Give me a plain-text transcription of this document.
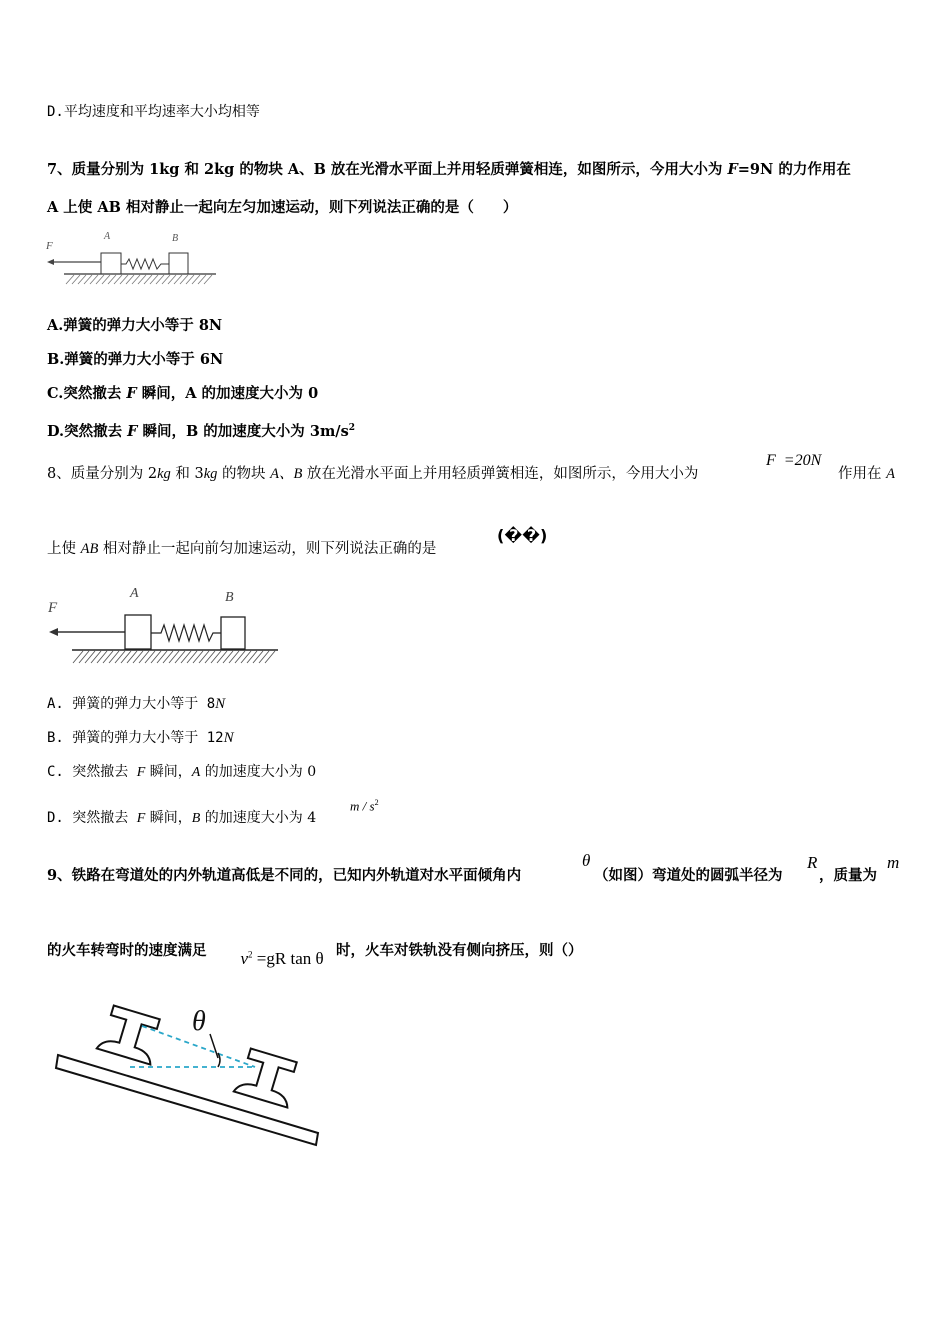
D.平均速度和平均速率大小均相等
7、质量分别为 1kg 和 2kg 的物块 A、B 放在光滑水平面上并用轻质弹簧相连，如图所示，今用大小为 F=9N 的力作用在
A 上使 AB 相对静止一起向左匀加速运动，则下列说法正确的是（　　）
F
A	B
A.弹簧的弹力大小等于 8N
B.弹簧的弹力大小等于 6N
C.突然撤去 F 瞬间，A 的加速度大小为 0
D.突然撤去 F 瞬间，B 的加速度大小为 $3m/s^2$
8、质量分别为 2kg 和 3kg 的物块 A、B 放在光滑水平面上并用轻质弹簧相连，如图所示，今用大小为
F  =20N
作用在 A
上使 AB 相对静止一起向前匀加速运动，则下列说法正确的是
(��)
F
A	B
A. 弹簧的弹力大小等于 8N
B. 弹簧的弹力大小等于 12N
C. 突然撤去 F 瞬间，A 的加速度大小为 0
D. 突然撤去 F 瞬间，B 的加速度大小为 4
m / $s^2$
9、铁路在弯道处的内外轨道高低是不同的，已知内外轨道对水平面倾角内
θ
（如图）弯道处的圆弧半径为
R
，质量为
m
的火车转弯时的速度满足	$v^2 =gR$ tan θ 时，火车对铁轨没有侧向挤压，则（）
θ
